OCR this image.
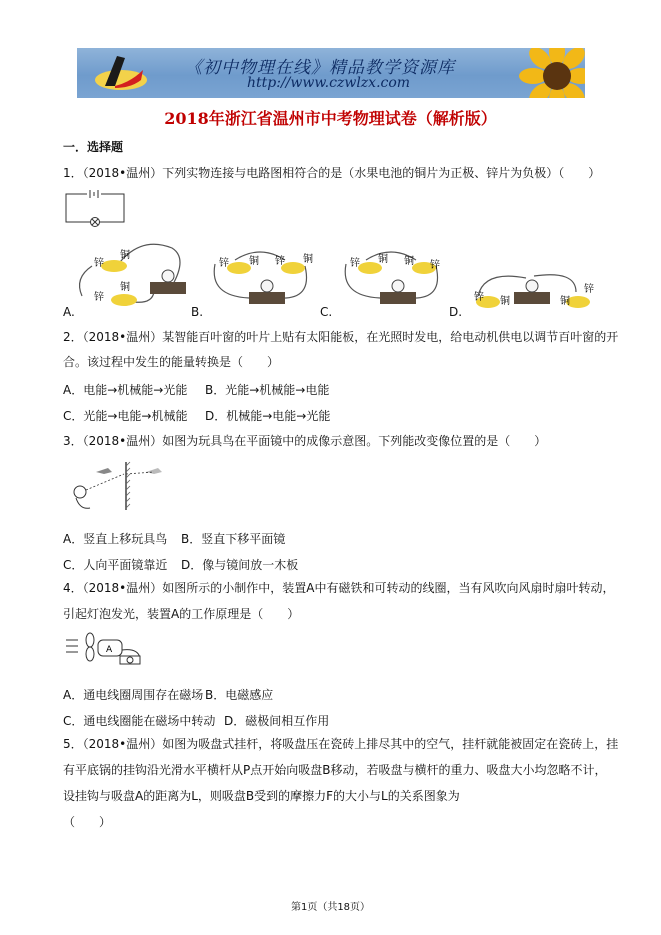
《初中物理在线》精品教学资源库
http://www.czwlzx.com
2018年浙江省温州市中考物理试卷（解析版）
一．选择题
1．（2018•温州）下列实物连接与电路图相符合的是（水果电池的铜片为正极、锌片为负极）（　　）
锌
铜
锌
铜
A.
锌 铜 锌 铜
B.
锌 铜 铜 锌
C.
锌 铜	铜
锌
D.
2．（2018•温州）某智能百叶窗的叶片上贴有太阳能板，在光照时发电，给电动机供电以调节百叶窗的开
合。该过程中发生的能量转换是（　　）
A．电能→机械能→光能 B．光能→机械能→电能
C．光能→电能→机械能 D．机械能→电能→光能
3．（2018•温州）如图为玩具鸟在平面镜中的成像示意图。下列能改变像位置的是（　　）
A．竖直上移玩具鸟 B．竖直下移平面镜
C．人向平面镜靠近 D．像与镜间放一木板
4．（2018•温州）如图所示的小制作中，装置A中有磁铁和可转动的线圈，当有风吹向风扇时扇叶转动，
引起灯泡发光，装置A的工作原理是（　　）
A
A．通电线圈周围存在磁场 B．电磁感应
C．通电线圈能在磁场中转动 D．磁极间相互作用
5．（2018•温州）如图为吸盘式挂杆，将吸盘压在瓷砖上排尽其中的空气，挂杆就能被固定在瓷砖上，挂
有平底锅的挂钩沿光滑水平横杆从P点开始向吸盘B移动，若吸盘与横杆的重力、吸盘大小均忽略不计，
设挂钩与吸盘A的距离为L，则吸盘B受到的摩擦力F的大小与L的关系图象为
（　　）
第1页（共18页）
